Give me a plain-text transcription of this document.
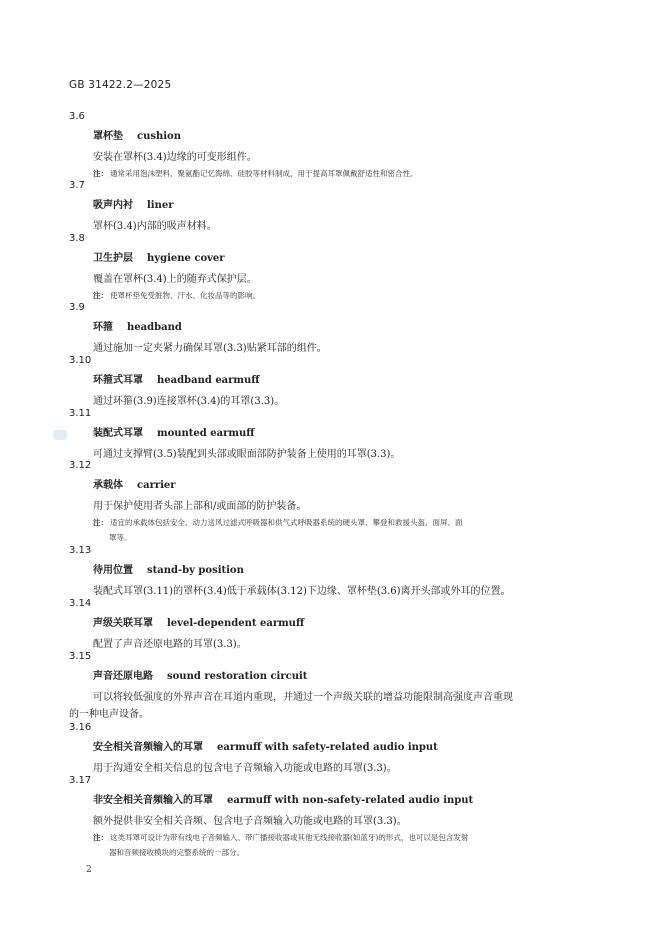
GB 31422.2—2025
3.6
罩杯垫 cushion
安装在罩杯(3.4)边缘的可变形组件。
注： 通常采用泡沫塑料、聚氨酯记忆海绵、硅胶等材料制成，用于提高耳罩佩戴舒适性和密合性。
3.7
吸声内衬 liner
罩杯(3.4)内部的吸声材料。
3.8
卫生护层 hygiene cover
覆盖在罩杯(3.4)上的随弃式保护层。
注： 使罩杯垫免受脏物、汗水、化妆品等的影响。
3.9
环箍 headband
通过施加一定夹紧力确保耳罩(3.3)贴紧耳部的组件。
3.10
环箍式耳罩 headband earmuff
通过环箍(3.9)连接罩杯(3.4)的耳罩(3.3)。
3.11
装配式耳罩 mounted earmuff
可通过支撑臂(3.5)装配到头部或眼面部防护装备上使用的耳罩(3.3)。
3.12
承载体 carrier
用于保护使用者头部上部和/或面部的防护装备。
注： 适宜的承载体包括安全、动力送风过滤式呼吸器和供气式呼吸器系统的硬头罩、攀登和救援头盔、面屏、面
罩等。
3.13
待用位置 stand-by position
装配式耳罩(3.11)的罩杯(3.4)低于承载体(3.12)下边缘、罩杯垫(3.6)离开头部或外耳的位置。
3.14
声级关联耳罩 level-dependent earmuff
配置了声音还原电路的耳罩(3.3)。
3.15
声音还原电路 sound restoration circuit
可以将较低强度的外界声音在耳道内重现，并通过一个声级关联的增益功能限制高强度声音重现
的一种电声设备。
3.16
安全相关音频输入的耳罩 earmuff with safety-related audio input
用于沟通安全相关信息的包含电子音频输入功能或电路的耳罩(3.3)。
3.17
非安全相关音频输入的耳罩 earmuff with non-safety-related audio input
额外提供非安全相关音频、包含电子音频输入功能或电路的耳罩(3.3)。
注： 这类耳罩可设计为带有线电子音频输入、带广播接收器或其他无线接收器(如蓝牙)的形式，也可以是包含发射
器和音频接收模块的完整系统的一部分。
2
